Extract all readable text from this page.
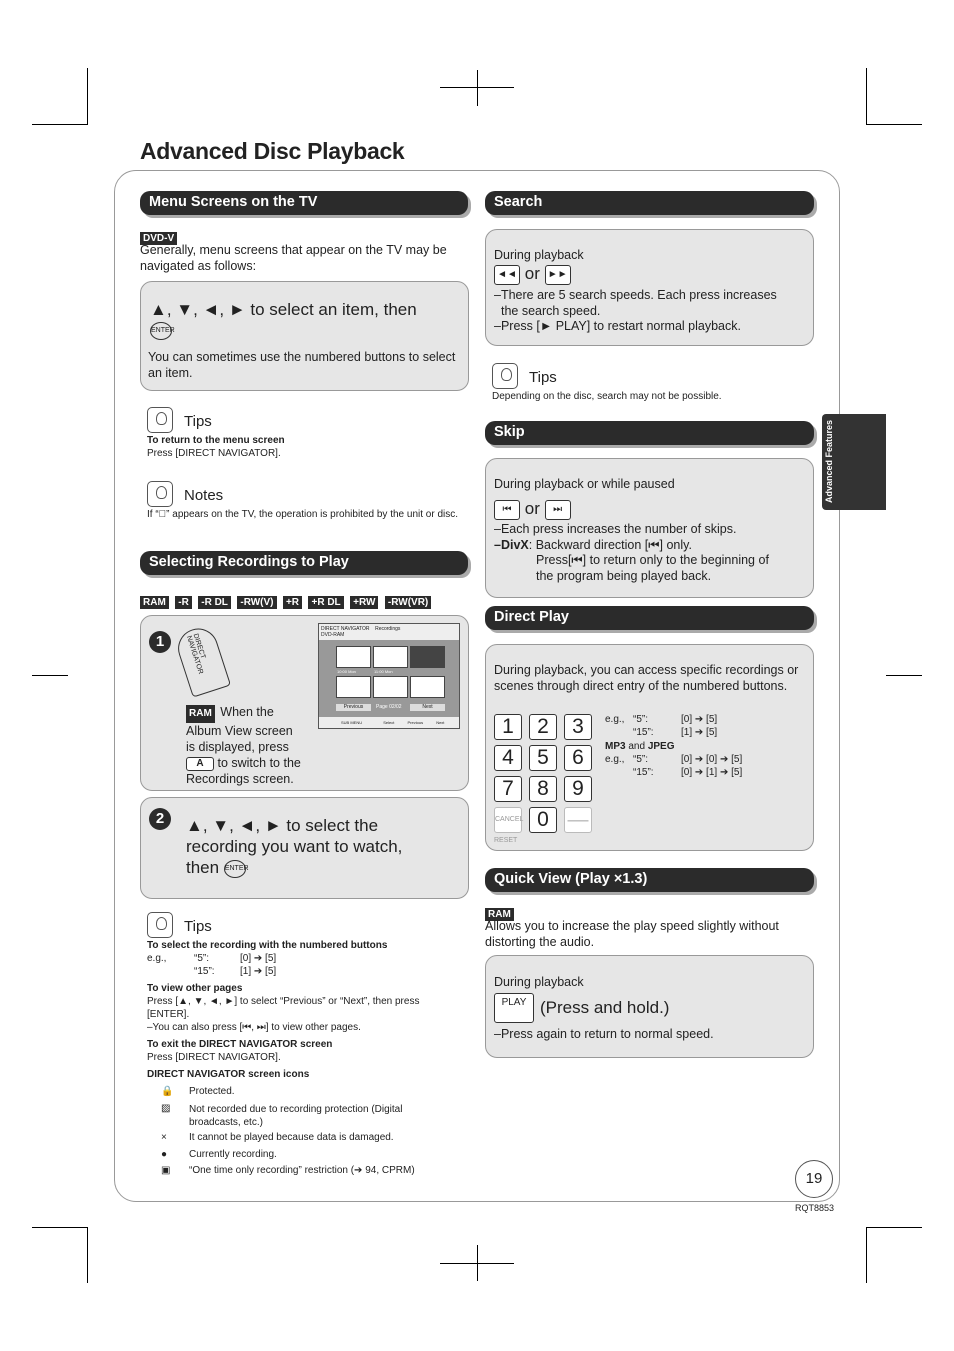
Advanced Disc Playback
Menu Screens on the TV
DVD-V
Generally, menu screens that appear on the TV may be navigated as follows:
▲, ▼, ◄, ► to select an item, then
ENTER
You can sometimes use the numbered buttons to select an item.
Tips
To return to the menu screen
Press [DIRECT NAVIGATOR].
Notes
If “⃠” appears on the TV, the operation is prohibited by the unit or disc.
Selecting Recordings to Play
RAM -R -R DL -RW(V) +R +R DL +RW -RW(VR)
1	DIRECT NAVIGATOR
RAM When the
Album View screen
is displayed, press
A to switch to the
Recordings screen.
DIRECT NAVIGATOR Recordings
DVD-RAM
10:00 Mon	11:00 Mon
Previous	Page 02/02	Next
SUB MENU	Select	Previous	Next
2	▲, ▼, ◄, ► to select the
recording you want to watch,
then ENTER
Tips
To select the recording with the numbered buttons
e.g.,	“5”:	[0] ➔ [5]
“15”:	[1] ➔ [5]
To view other pages
Press [▲, ▼, ◄, ►] to select “Previous” or “Next”, then press [ENTER].
–You can also press [⏮, ⏭] to view other pages.
To exit the DIRECT NAVIGATOR screen
Press [DIRECT NAVIGATOR].
DIRECT NAVIGATOR screen icons
🔒 Protected.
▨ Not recorded due to recording protection (Digital broadcasts, etc.)
× It cannot be played because data is damaged.
● Currently recording.
▣ “One time only recording” restriction (➔ 94, CPRM)
Search
During playback
◄◄ or ►►
–There are 5 search speeds. Each press increases
the search speed.
–Press [► PLAY] to restart normal playback.
Tips
Depending on the disc, search may not be possible.
Skip
During playback or while paused
⏮ or ⏭
–Each press increases the number of skips.
–DivX: Backward direction [⏮] only.
Press[⏮] to return only to the beginning of
the program being played back.
Direct Play
During playback, you can access specific recordings or scenes through direct entry of the numbered buttons.
1	2	3
4	5	6
7	8	9
CANCEL 0 —
RESET
e.g., “5”:	[0] ➔ [5]
“15”:	[1] ➔ [5]
MP3 and JPEG
e.g., “5”:	[0] ➔ [0] ➔ [5]
“15”:	[0] ➔ [1] ➔ [5]
Quick View (Play ×1.3)
RAM
Allows you to increase the play speed slightly without distorting the audio.
During playback
PLAY (Press and hold.)
–Press again to return to normal speed.
Advanced Features
19
RQT8853
